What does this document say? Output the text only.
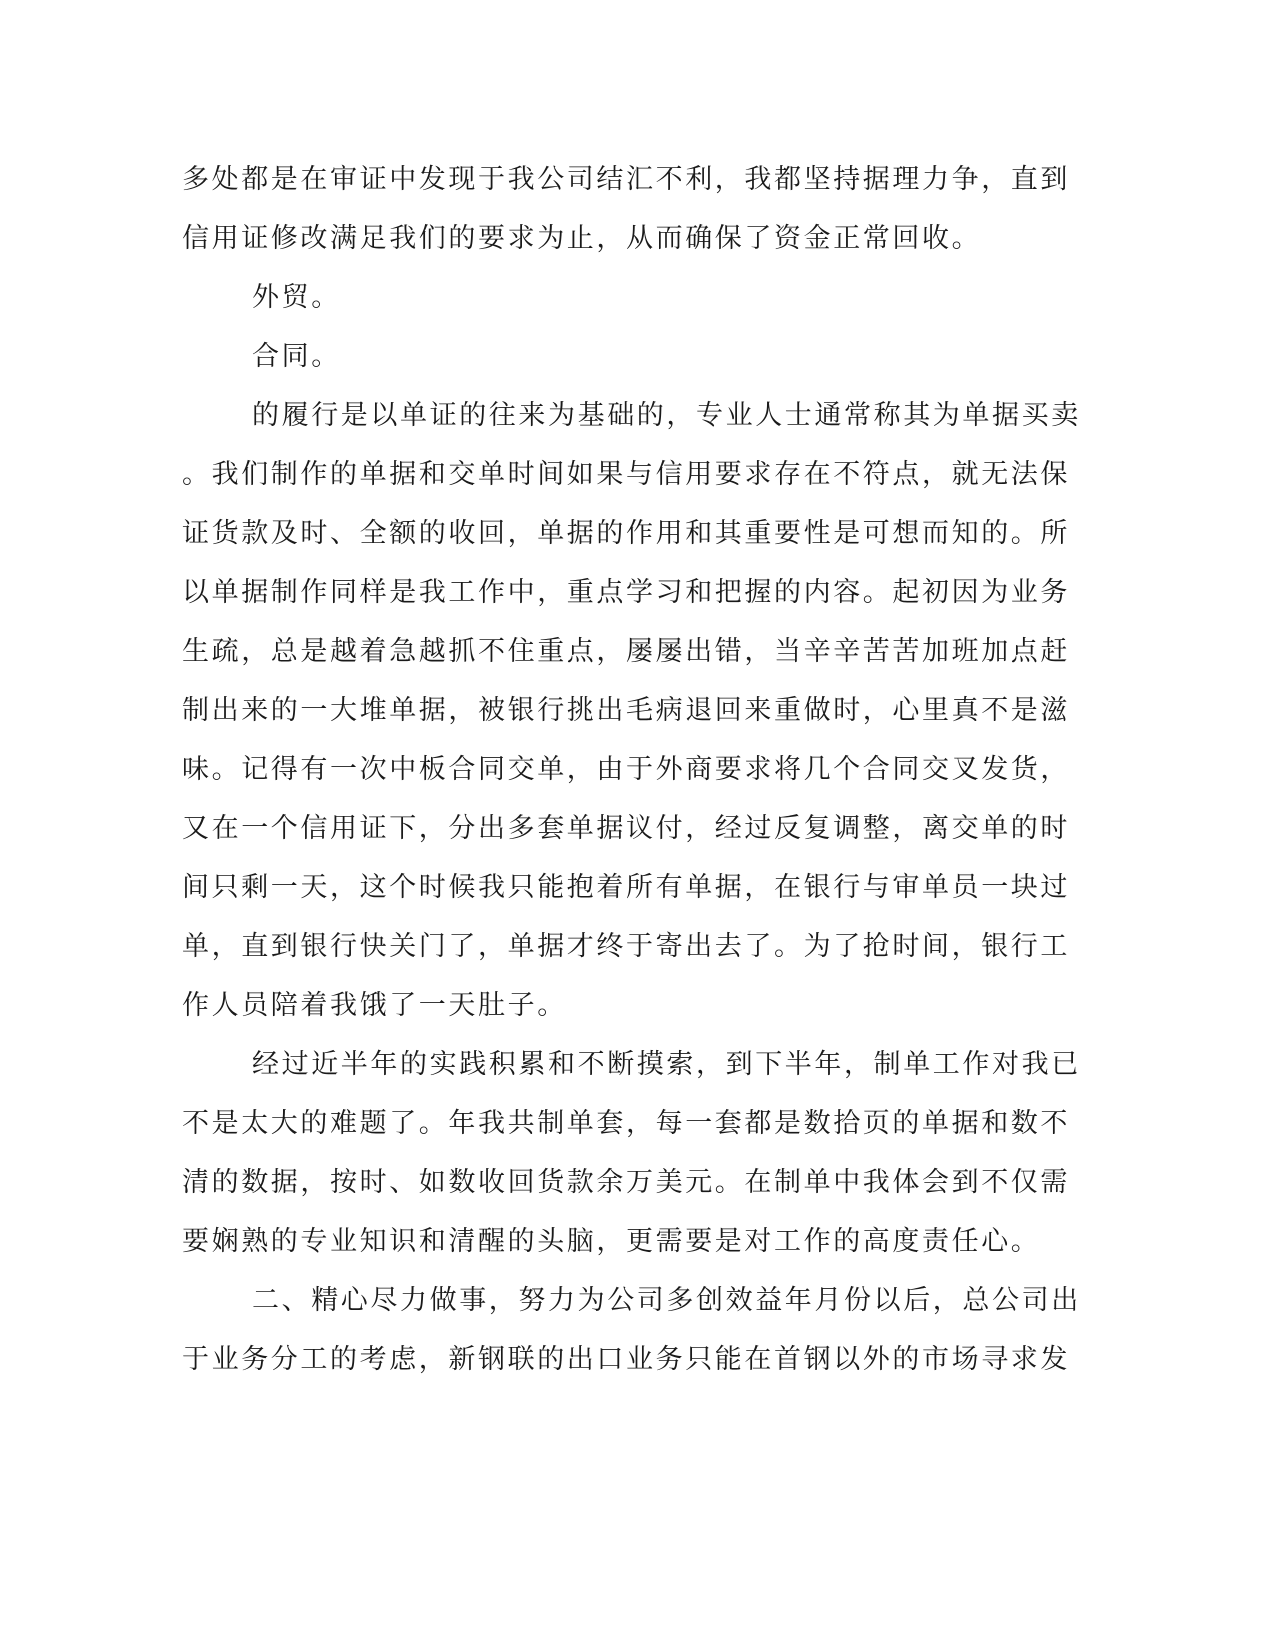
多处都是在审证中发现于我公司结汇不利，我都坚持据理力争，直到
信用证修改满足我们的要求为止，从而确保了资金正常回收。
外贸。
合同。
的履行是以单证的往来为基础的，专业人士通常称其为单据买卖
。我们制作的单据和交单时间如果与信用要求存在不符点，就无法保
证货款及时、全额的收回，单据的作用和其重要性是可想而知的。所
以单据制作同样是我工作中，重点学习和把握的内容。起初因为业务
生疏，总是越着急越抓不住重点，屡屡出错，当辛辛苦苦加班加点赶
制出来的一大堆单据，被银行挑出毛病退回来重做时，心里真不是滋
味。记得有一次中板合同交单，由于外商要求将几个合同交叉发货，
又在一个信用证下，分出多套单据议付，经过反复调整，离交单的时
间只剩一天，这个时候我只能抱着所有单据，在银行与审单员一块过
单，直到银行快关门了，单据才终于寄出去了。为了抢时间，银行工
作人员陪着我饿了一天肚子。
经过近半年的实践积累和不断摸索，到下半年，制单工作对我已
不是太大的难题了。年我共制单套，每一套都是数拾页的单据和数不
清的数据，按时、如数收回货款余万美元。在制单中我体会到不仅需
要娴熟的专业知识和清醒的头脑，更需要是对工作的高度责任心。
二、精心尽力做事，努力为公司多创效益年月份以后，总公司出
于业务分工的考虑，新钢联的出口业务只能在首钢以外的市场寻求发
